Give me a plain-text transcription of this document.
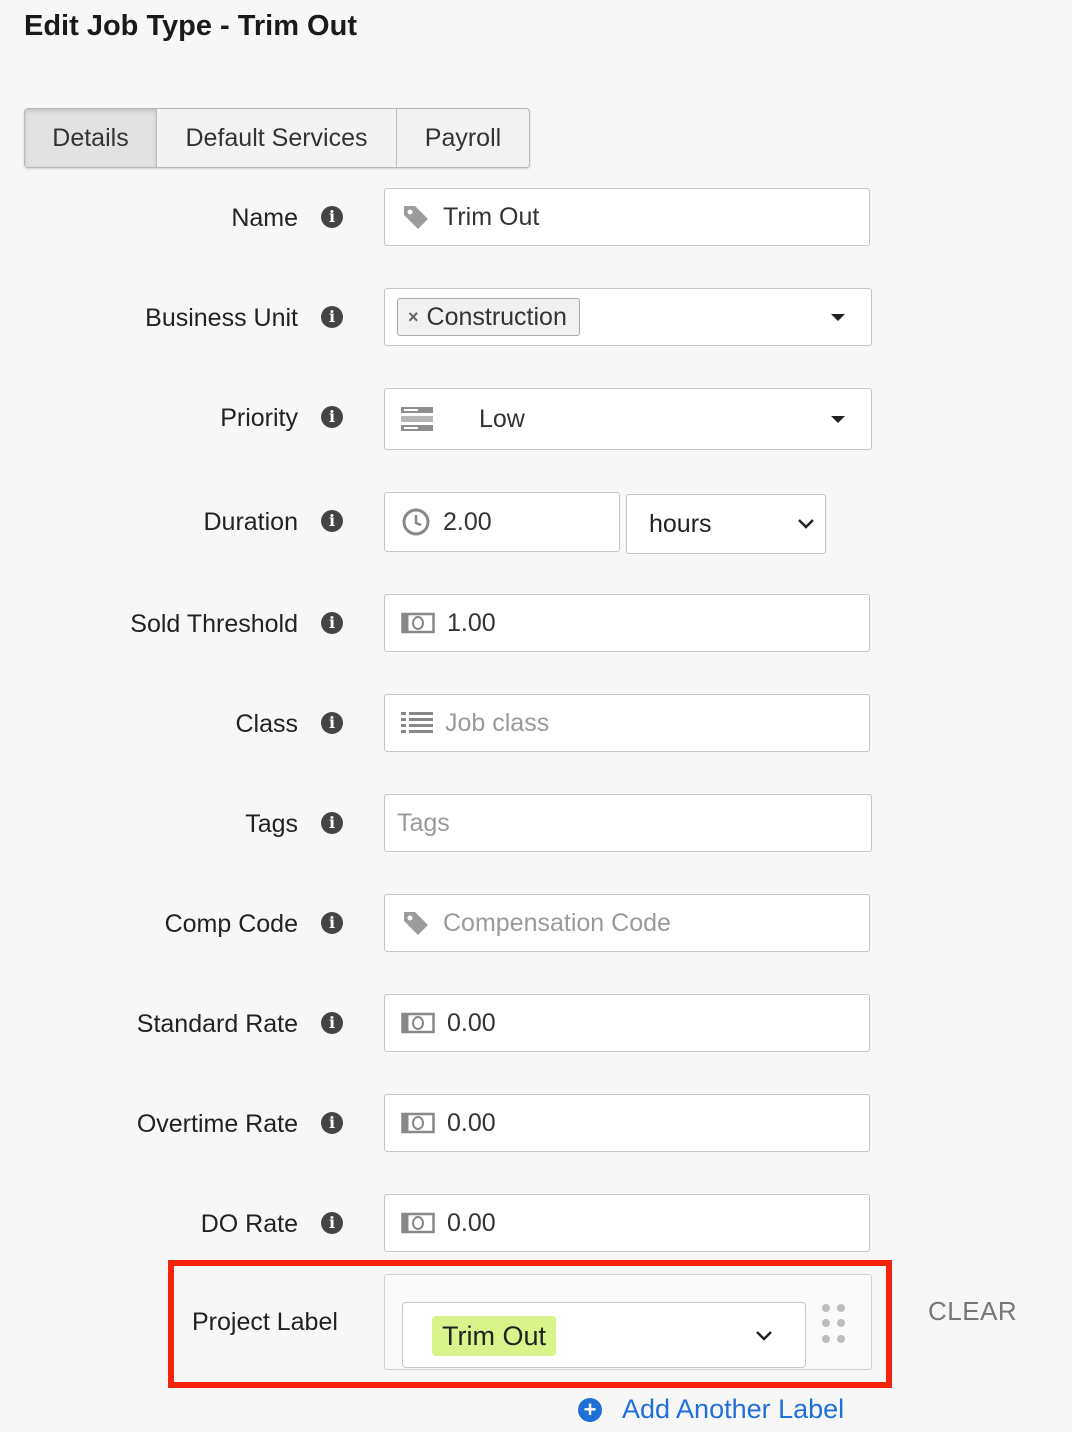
Edit Job Type - Trim Out
Details	Default Services	Payroll
Name	i	Trim Out
Business Unit	i	× Construction
Priority	i	Low
Duration	i	2.00	hours
Sold Threshold	i	1.00
Class	i	Job class
Tags	i	Tags
Comp Code	i	Compensation Code
Standard Rate	i	0.00
Overtime Rate	i	0.00
DO Rate	i	0.00
Project Label	Trim Out
CLEAR
+ Add Another Label
